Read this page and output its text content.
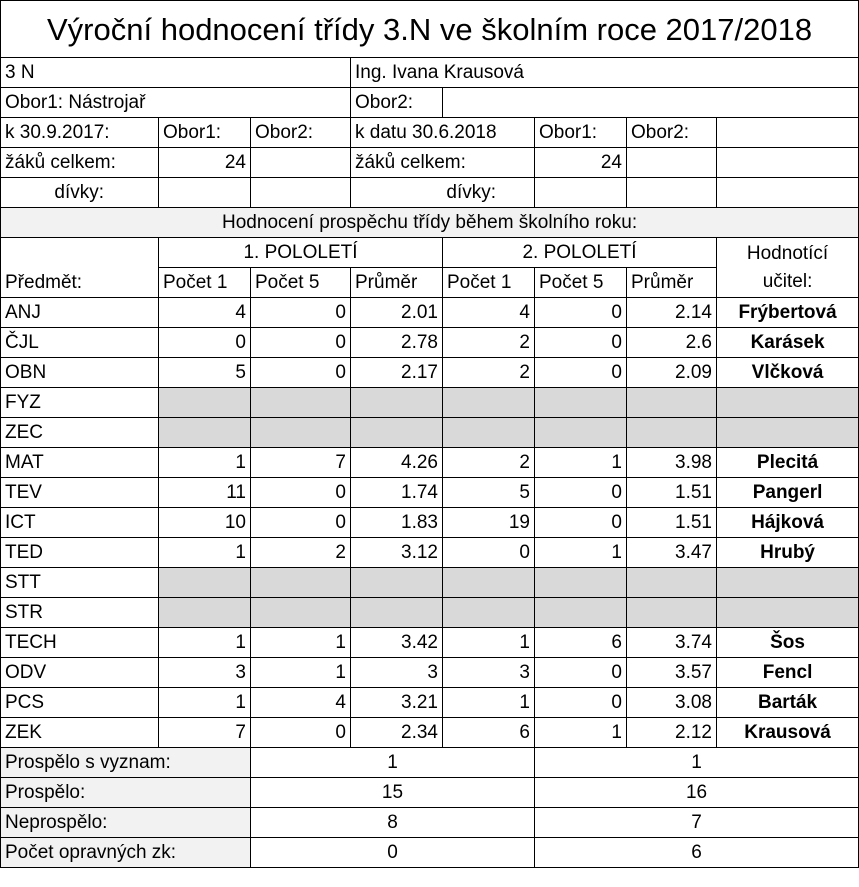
Výroční hodnocení třídy 3.N ve školním roce 2017/2018							
3 N			Ing. Ivana Krausová				
Obor1: Nástrojař			Obor2:				
k 30.9.2017:	Obor1:	Obor2:	k datu 30.6.2018		Obor1:	Obor2:	
žáků celkem:	24		žáků celkem:		24		
dívky:			dívky:				
Hodnocení prospěchu třídy během školního roku:							
Předmět:	1. POLOLETÍ			2. POLOLETÍ			Hodnotící
učitel:
	Počet 1	Počet 5	Průměr	Počet 1	Počet 5	Průměr	
ANJ	4	0	2.01	4	0	2.14	Frýbertová
ČJL	0	0	2.78	2	0	2.6	Karásek
OBN	5	0	2.17	2	0	2.09	Vlčková
FYZ							
ZEC							
MAT	1	7	4.26	2	1	3.98	Plecitá
TEV	11	0	1.74	5	0	1.51	Pangerl
ICT	10	0	1.83	19	0	1.51	Hájková
TED	1	2	3.12	0	1	3.47	Hrubý
STT							
STR							
TECH	1	1	3.42	1	6	3.74	Šos
ODV	3	1	3	3	0	3.57	Fencl
PCS	1	4	3.21	1	0	3.08	Barták
ZEK	7	0	2.34	6	1	2.12	Krausová
Prospělo s vyznam:		1			1		
Prospělo:		15			16		
Neprospělo:		8			7		
Počet opravných zk:		0			6		
